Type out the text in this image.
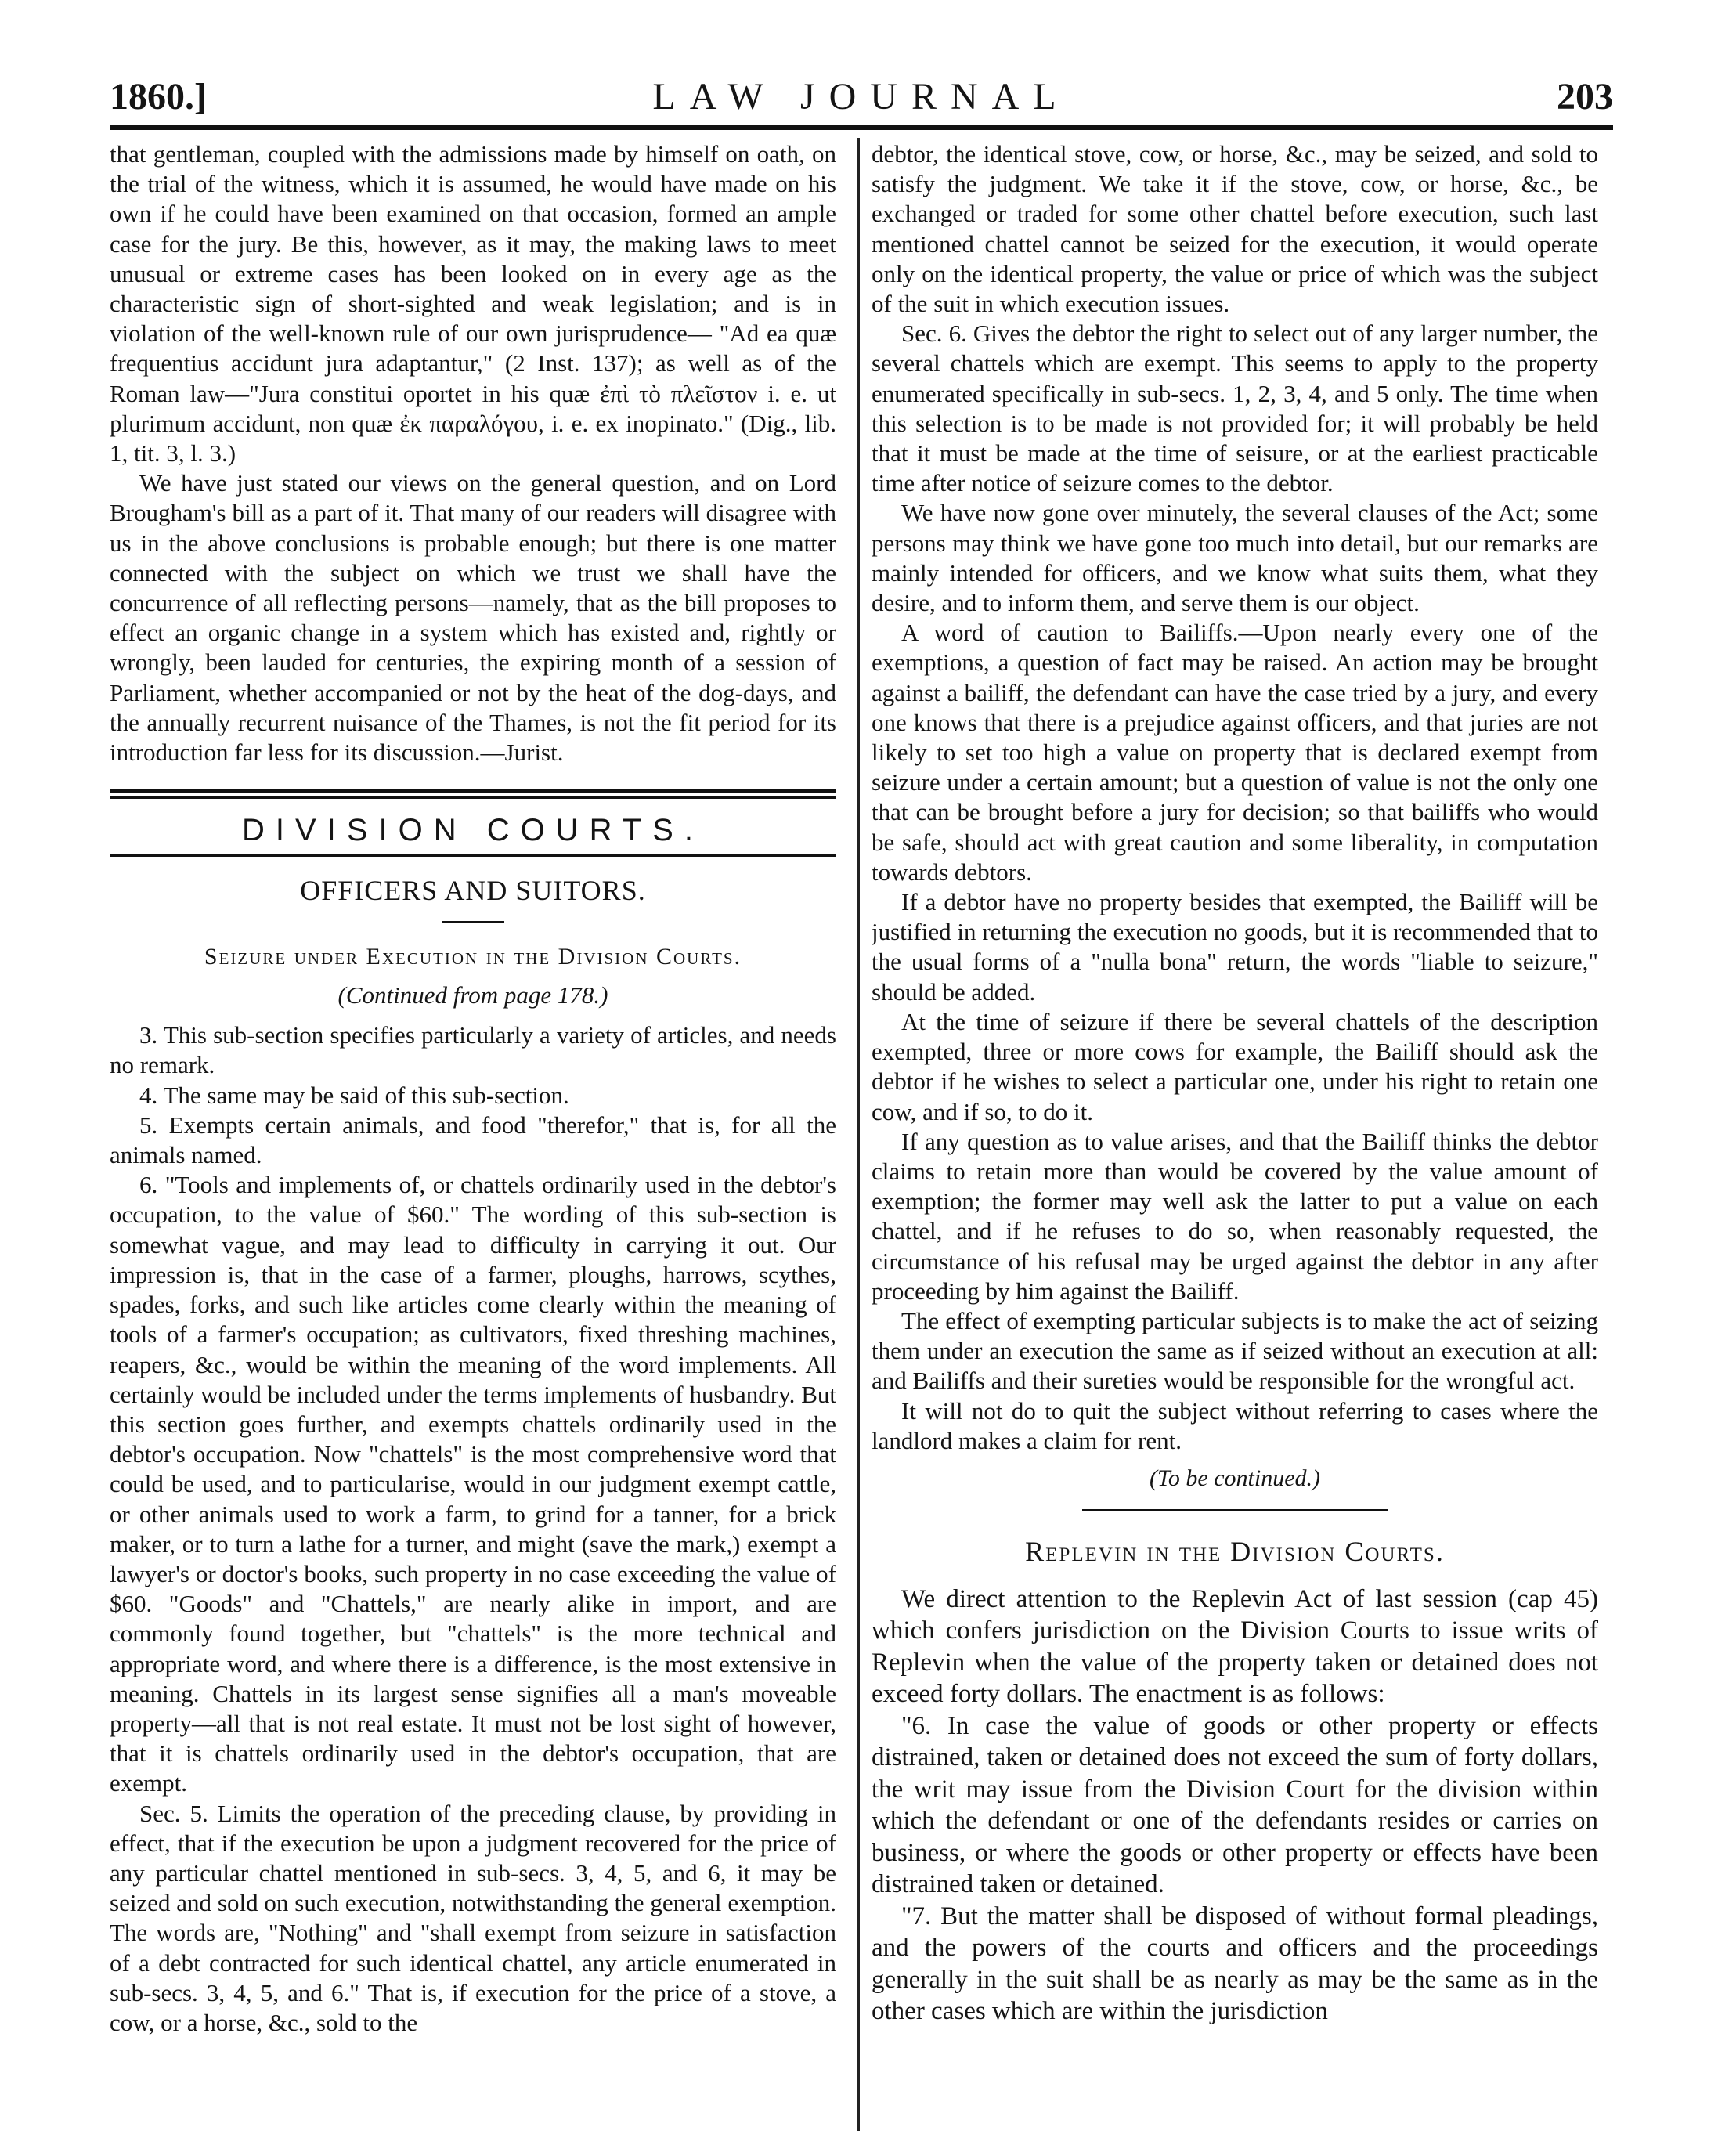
LAW JOURNAL
1860.]	203

that gentleman, coupled with the admissions made by himself on oath, on the trial of the witness, which it is assumed, he would have made on his own if he could have been examined on that occasion, formed an ample case for the jury. Be this, however, as it may, the making laws to meet unusual or extreme cases has been looked on in every age as the characteristic sign of short-sighted and weak legislation; and is in violation of the well-known rule of our own jurisprudence— "Ad ea quæ frequentius accidunt jura adaptantur," (2 Inst. 137); as well as of the Roman law—"Jura constitui oportet in his quæ ἐπὶ τὸ πλεῖστον i. e. ut plurimum accidunt, non quæ ἐκ παραλόγου, i. e. ex inopinato." (Dig., lib. 1, tit. 3, l. 3.)

We have just stated our views on the general question, and on Lord Brougham's bill as a part of it. That many of our readers will disagree with us in the above conclusions is probable enough; but there is one matter connected with the subject on which we trust we shall have the concurrence of all reflecting persons—namely, that as the bill proposes to effect an organic change in a system which has existed and, rightly or wrongly, been lauded for centuries, the expiring month of a session of Parliament, whether accompanied or not by the heat of the dog-days, and the annually recurrent nuisance of the Thames, is not the fit period for its introduction far less for its discussion.—Jurist.

DIVISION COURTS.
OFFICERS AND SUITORS.
Seizure under Execution in the Division Courts.
(Continued from page 178.)

3. This sub-section specifies particularly a variety of articles, and needs no remark.

4. The same may be said of this sub-section.

5. Exempts certain animals, and food "therefor," that is, for all the animals named.

6. "Tools and implements of, or chattels ordinarily used in the debtor's occupation, to the value of $60." The wording of this sub-section is somewhat vague, and may lead to difficulty in carrying it out. Our impression is, that in the case of a farmer, ploughs, harrows, scythes, spades, forks, and such like articles come clearly within the meaning of tools of a farmer's occupation; as cultivators, fixed threshing machines, reapers, &c., would be within the meaning of the word implements. All certainly would be included under the terms implements of husbandry. But this section goes further, and exempts chattels ordinarily used in the debtor's occupation. Now "chattels" is the most comprehensive word that could be used, and to particularise, would in our judgment exempt cattle, or other animals used to work a farm, to grind for a tanner, for a brick maker, or to turn a lathe for a turner, and might (save the mark,) exempt a lawyer's or doctor's books, such property in no case exceeding the value of $60. "Goods" and "Chattels," are nearly alike in import, and are commonly found together, but "chattels" is the more technical and appropriate word, and where there is a difference, is the most extensive in meaning. Chattels in its largest sense signifies all a man's moveable property—all that is not real estate. It must not be lost sight of however, that it is chattels ordinarily used in the debtor's occupation, that are exempt.

Sec. 5. Limits the operation of the preceding clause, by providing in effect, that if the execution be upon a judgment recovered for the price of any particular chattel mentioned in sub-secs. 3, 4, 5, and 6, it may be seized and sold on such execution, notwithstanding the general exemption. The words are, "Nothing" and "shall exempt from seizure in satisfaction of a debt contracted for such identical chattel, any article enumerated in sub-secs. 3, 4, 5, and 6." That is, if execution for the price of a stove, a cow, or a horse, &c., sold to the

debtor, the identical stove, cow, or horse, &c., may be seized, and sold to satisfy the judgment. We take it if the stove, cow, or horse, &c., be exchanged or traded for some other chattel before execution, such last mentioned chattel cannot be seized for the execution, it would operate only on the identical property, the value or price of which was the subject of the suit in which execution issues.

Sec. 6. Gives the debtor the right to select out of any larger number, the several chattels which are exempt. This seems to apply to the property enumerated specifically in sub-secs. 1, 2, 3, 4, and 5 only. The time when this selection is to be made is not provided for; it will probably be held that it must be made at the time of seisure, or at the earliest practicable time after notice of seizure comes to the debtor.

We have now gone over minutely, the several clauses of the Act; some persons may think we have gone too much into detail, but our remarks are mainly intended for officers, and we know what suits them, what they desire, and to inform them, and serve them is our object.

A word of caution to Bailiffs.—Upon nearly every one of the exemptions, a question of fact may be raised. An action may be brought against a bailiff, the defendant can have the case tried by a jury, and every one knows that there is a prejudice against officers, and that juries are not likely to set too high a value on property that is declared exempt from seizure under a certain amount; but a question of value is not the only one that can be brought before a jury for decision; so that bailiffs who would be safe, should act with great caution and some liberality, in computation towards debtors.

If a debtor have no property besides that exempted, the Bailiff will be justified in returning the execution no goods, but it is recommended that to the usual forms of a "nulla bona" return, the words "liable to seizure," should be added.

At the time of seizure if there be several chattels of the description exempted, three or more cows for example, the Bailiff should ask the debtor if he wishes to select a particular one, under his right to retain one cow, and if so, to do it.

If any question as to value arises, and that the Bailiff thinks the debtor claims to retain more than would be covered by the value amount of exemption; the former may well ask the latter to put a value on each chattel, and if he refuses to do so, when reasonably requested, the circumstance of his refusal may be urged against the debtor in any after proceeding by him against the Bailiff.

The effect of exempting particular subjects is to make the act of seizing them under an execution the same as if seized without an execution at all: and Bailiffs and their sureties would be responsible for the wrongful act.

It will not do to quit the subject without referring to cases where the landlord makes a claim for rent.

(To be continued.)
Replevin in the Division Courts.

We direct attention to the Replevin Act of last session (cap 45) which confers jurisdiction on the Division Courts to issue writs of Replevin when the value of the property taken or detained does not exceed forty dollars. The enactment is as follows:

"6. In case the value of goods or other property or effects distrained, taken or detained does not exceed the sum of forty dollars, the writ may issue from the Division Court for the division within which the defendant or one of the defendants resides or carries on business, or where the goods or other property or effects have been distrained taken or detained.

"7. But the matter shall be disposed of without formal pleadings, and the powers of the courts and officers and the proceedings generally in the suit shall be as nearly as may be the same as in the other cases which are within the jurisdiction
